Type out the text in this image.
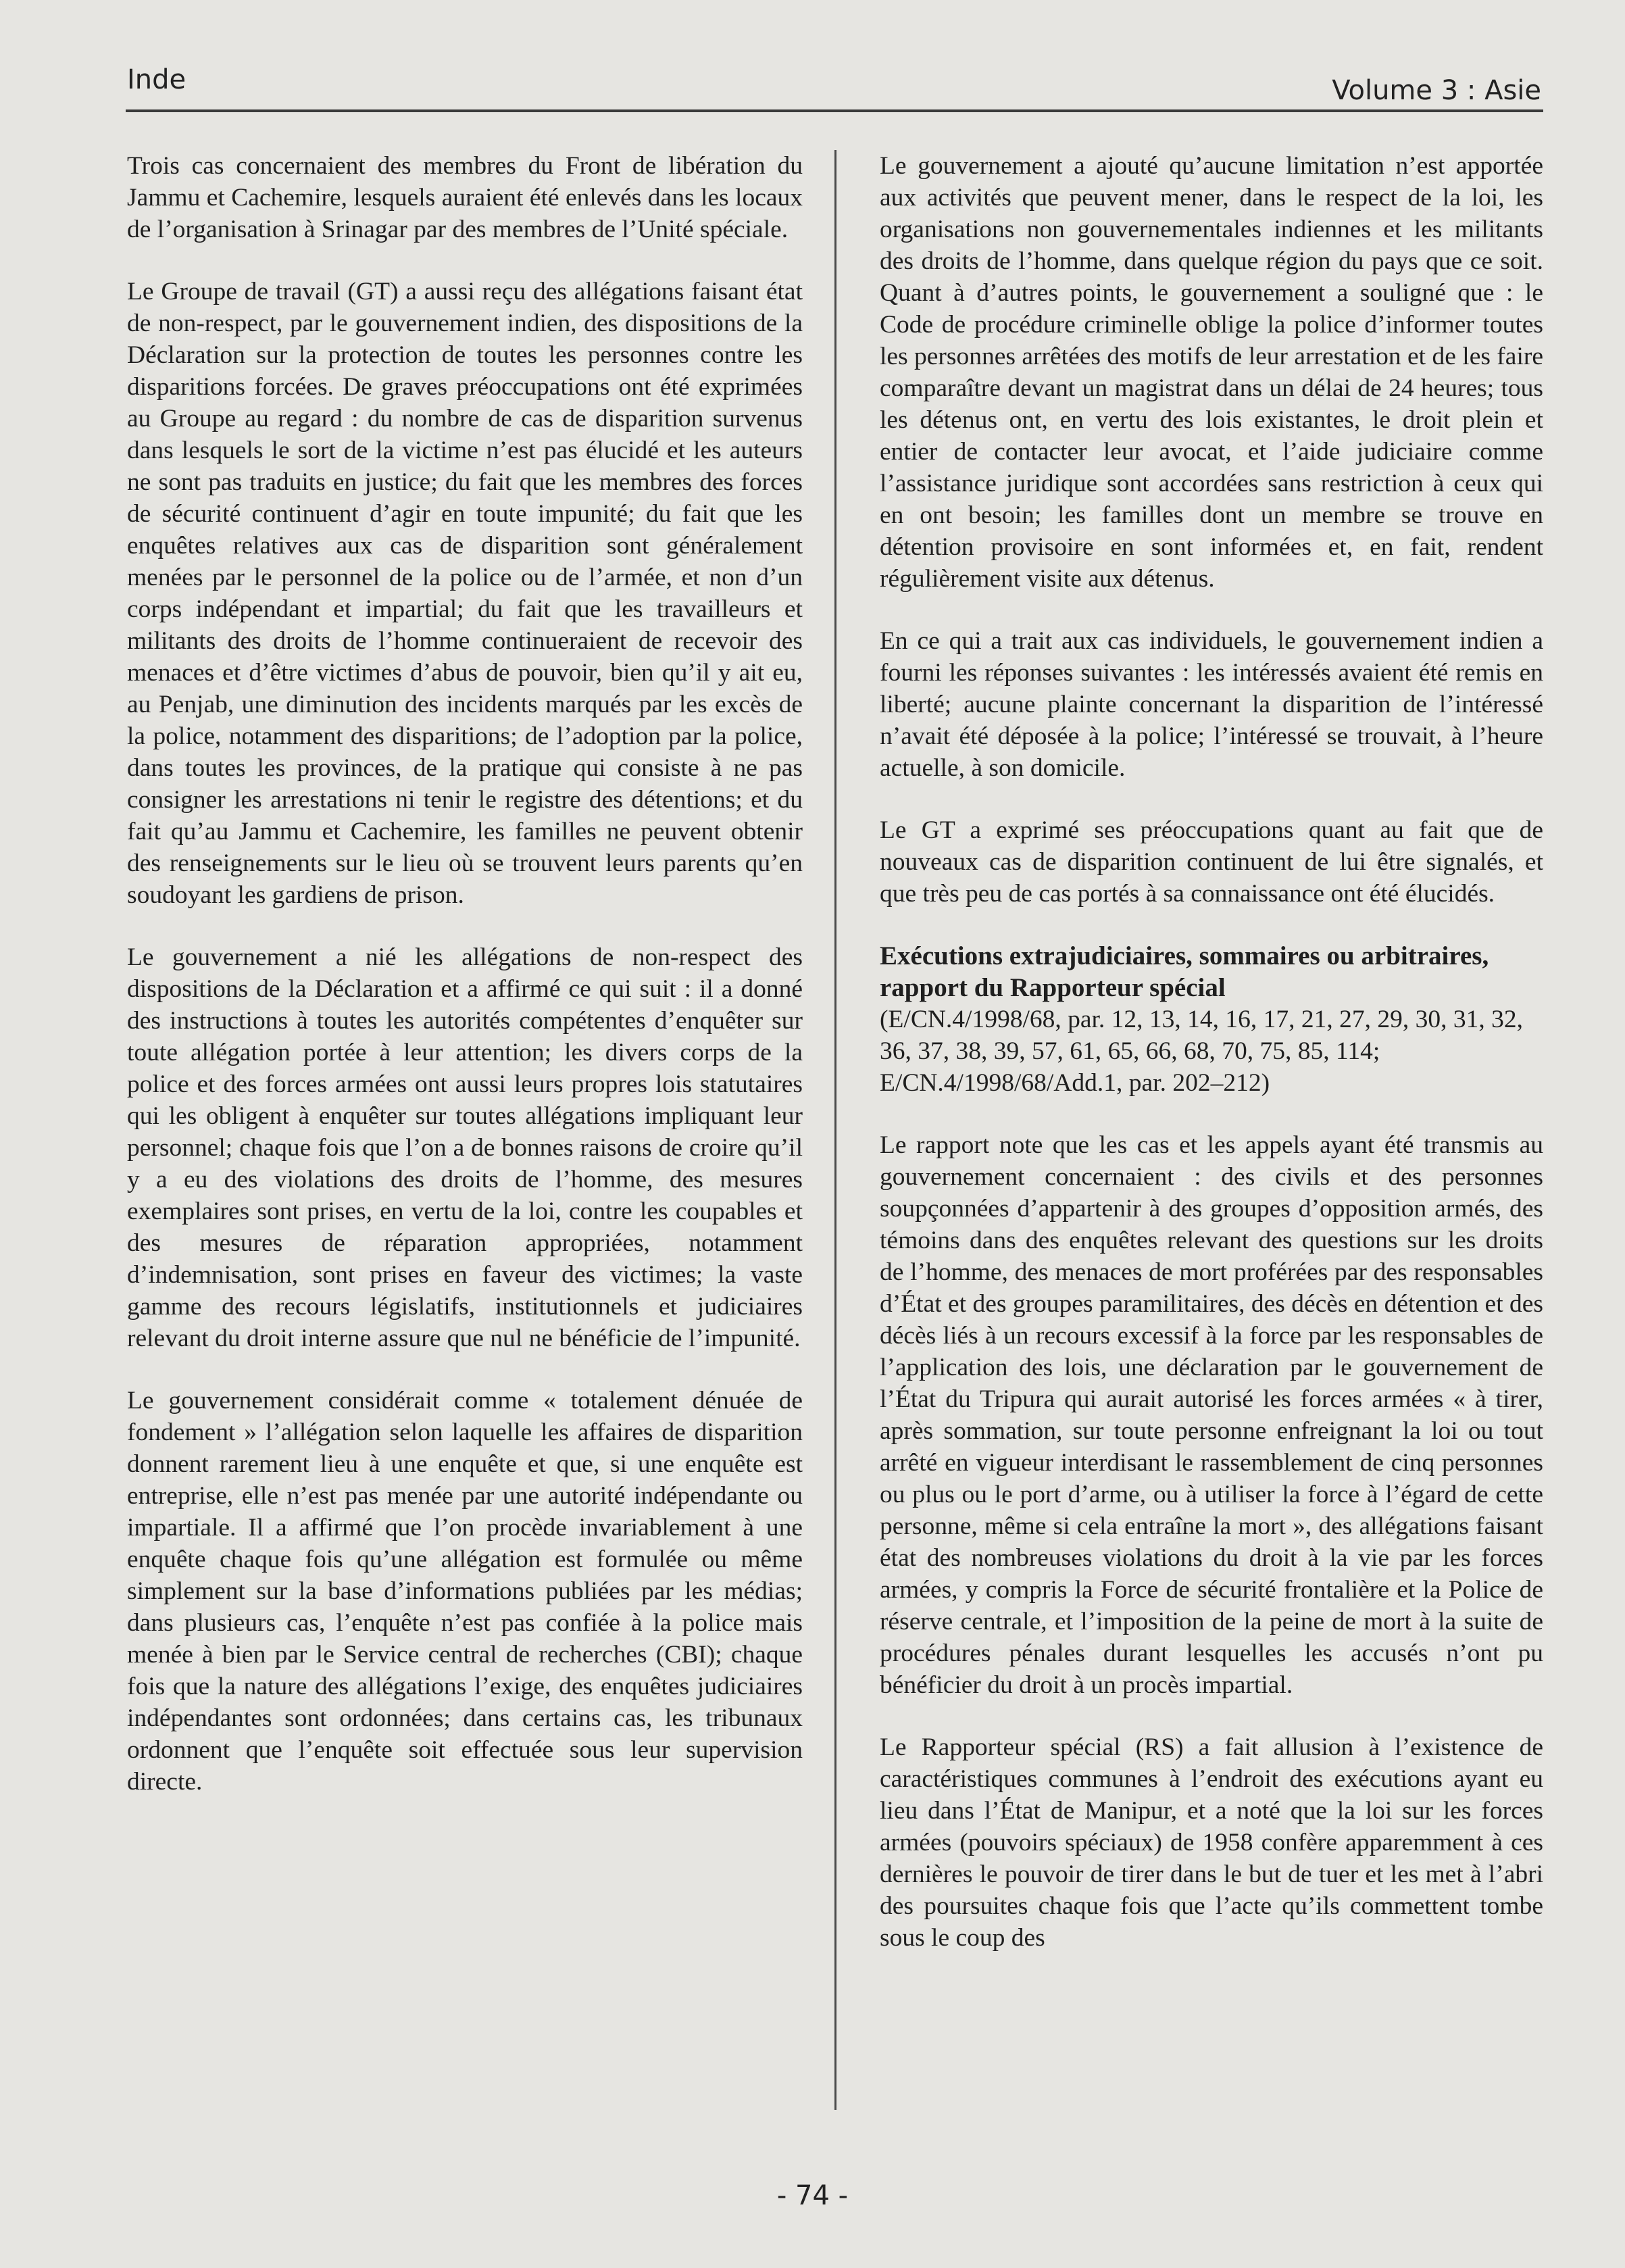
Inde	Volume 3 : Asie

Trois cas concernaient des membres du Front de libération du Jammu et Cachemire, lesquels auraient été enlevés dans les locaux de l’organisation à Srinagar par des membres de l’Unité spéciale.

Le Groupe de travail (GT) a aussi reçu des allégations faisant état de non-respect, par le gouvernement indien, des dispositions de la Déclaration sur la protection de toutes les personnes contre les disparitions forcées. De graves préoccupations ont été exprimées au Groupe au regard : du nombre de cas de disparition survenus dans lesquels le sort de la victime n’est pas élucidé et les auteurs ne sont pas traduits en justice; du fait que les membres des forces de sécurité continuent d’agir en toute impunité; du fait que les enquêtes relatives aux cas de disparition sont généralement menées par le personnel de la police ou de l’armée, et non d’un corps indépendant et impartial; du fait que les travailleurs et militants des droits de l’homme continueraient de recevoir des menaces et d’être victimes d’abus de pouvoir, bien qu’il y ait eu, au Penjab, une diminution des incidents marqués par les excès de la police, notamment des disparitions; de l’adoption par la police, dans toutes les provinces, de la pratique qui consiste à ne pas consigner les arrestations ni tenir le registre des détentions; et du fait qu’au Jammu et Cachemire, les familles ne peuvent obtenir des renseignements sur le lieu où se trouvent leurs parents qu’en soudoyant les gardiens de prison.

Le gouvernement a nié les allégations de non-respect des dispositions de la Déclaration et a affirmé ce qui suit : il a donné des instructions à toutes les autorités compétentes d’enquêter sur toute allégation portée à leur attention; les divers corps de la police et des forces armées ont aussi leurs propres lois statutaires qui les obligent à enquêter sur toutes allégations impliquant leur personnel; chaque fois que l’on a de bonnes raisons de croire qu’il y a eu des violations des droits de l’homme, des mesures exemplaires sont prises, en vertu de la loi, contre les coupables et des mesures de réparation appropriées, notamment d’indemnisation, sont prises en faveur des victimes; la vaste gamme des recours législatifs, institutionnels et judiciaires relevant du droit interne assure que nul ne bénéficie de l’impunité.

Le gouvernement considérait comme « totalement dénuée de fondement » l’allégation selon laquelle les affaires de disparition donnent rarement lieu à une enquête et que, si une enquête est entreprise, elle n’est pas menée par une autorité indépendante ou impartiale. Il a affirmé que l’on procède invariablement à une enquête chaque fois qu’une allégation est formulée ou même simplement sur la base d’informations publiées par les médias; dans plusieurs cas, l’enquête n’est pas confiée à la police mais menée à bien par le Service central de recherches (CBI); chaque fois que la nature des allégations l’exige, des enquêtes judiciaires indépendantes sont ordonnées; dans certains cas, les tribunaux ordonnent que l’enquête soit effectuée sous leur supervision directe.

Le gouvernement a ajouté qu’aucune limitation n’est apportée aux activités que peuvent mener, dans le respect de la loi, les organisations non gouvernementales indiennes et les militants des droits de l’homme, dans quelque région du pays que ce soit. Quant à d’autres points, le gouvernement a souligné que : le Code de procédure criminelle oblige la police d’informer toutes les personnes arrêtées des motifs de leur arrestation et de les faire comparaître devant un magistrat dans un délai de 24 heures; tous les détenus ont, en vertu des lois existantes, le droit plein et entier de contacter leur avocat, et l’aide judiciaire comme l’assistance juridique sont accordées sans restriction à ceux qui en ont besoin; les familles dont un membre se trouve en détention provisoire en sont informées et, en fait, rendent régulièrement visite aux détenus.

En ce qui a trait aux cas individuels, le gouvernement indien a fourni les réponses suivantes : les intéressés avaient été remis en liberté; aucune plainte concernant la disparition de l’intéressé n’avait été déposée à la police; l’intéressé se trouvait, à l’heure actuelle, à son domicile.

Le GT a exprimé ses préoccupations quant au fait que de nouveaux cas de disparition continuent de lui être signalés, et que très peu de cas portés à sa connaissance ont été élucidés.

Exécutions extrajudiciaires, sommaires ou arbitraires, rapport du Rapporteur spécial

(E/CN.4/1998/68, par. 12, 13, 14, 16, 17, 21, 27, 29, 30, 31, 32, 36, 37, 38, 39, 57, 61, 65, 66, 68, 70, 75, 85, 114; E/CN.4/1998/68/Add.1, par. 202–212)

Le rapport note que les cas et les appels ayant été transmis au gouvernement concernaient : des civils et des personnes soupçonnées d’appartenir à des groupes d’opposition armés, des témoins dans des enquêtes relevant des questions sur les droits de l’homme, des menaces de mort proférées par des responsables d’État et des groupes paramilitaires, des décès en détention et des décès liés à un recours excessif à la force par les responsables de l’application des lois, une déclaration par le gouvernement de l’État du Tripura qui aurait autorisé les forces armées « à tirer, après sommation, sur toute personne enfreignant la loi ou tout arrêté en vigueur interdisant le rassemblement de cinq personnes ou plus ou le port d’arme, ou à utiliser la force à l’égard de cette personne, même si cela entraîne la mort », des allégations faisant état des nombreuses violations du droit à la vie par les forces armées, y compris la Force de sécurité frontalière et la Police de réserve centrale, et l’imposition de la peine de mort à la suite de procédures pénales durant lesquelles les accusés n’ont pu bénéficier du droit à un procès impartial.

Le Rapporteur spécial (RS) a fait allusion à l’existence de caractéristiques communes à l’endroit des exécutions ayant eu lieu dans l’État de Manipur, et a noté que la loi sur les forces armées (pouvoirs spéciaux) de 1958 confère apparemment à ces dernières le pouvoir de tirer dans le but de tuer et les met à l’abri des poursuites chaque fois que l’acte qu’ils commettent tombe sous le coup des

- 74 -
